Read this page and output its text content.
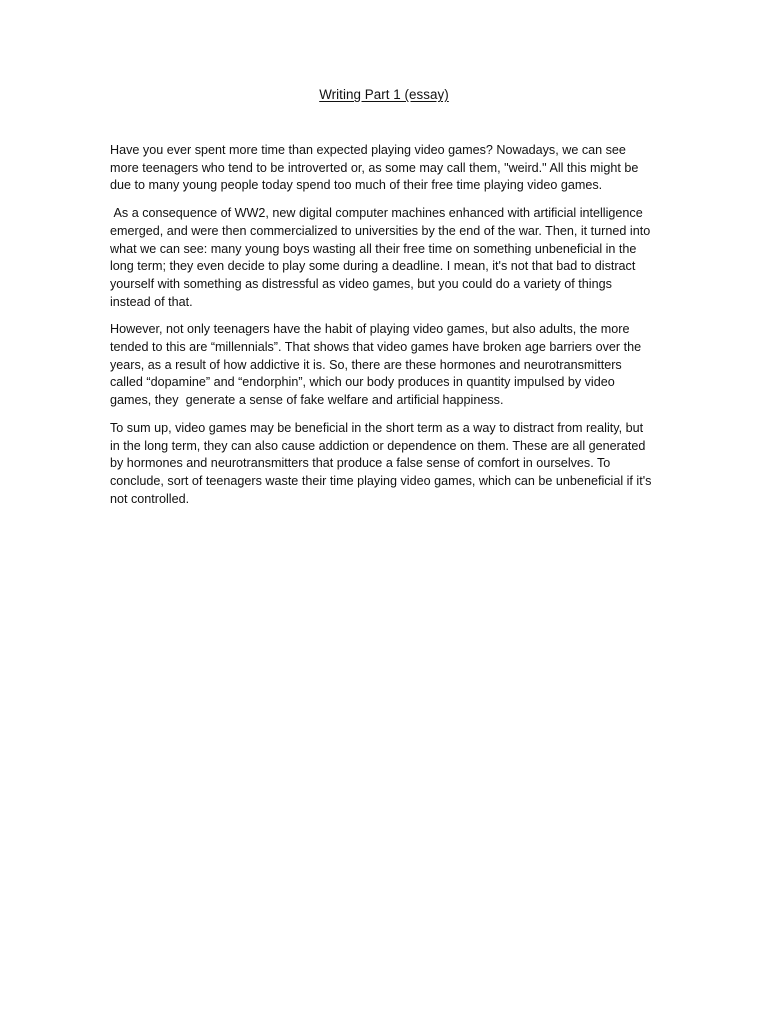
Writing Part 1 (essay)

Have you ever spent more time than expected playing video games? Nowadays, we can see more teenagers who tend to be introverted or, as some may call them, "weird." All this might be due to many young people today spend too much of their free time playing video games.

As a consequence of WW2, new digital computer machines enhanced with artificial intelligence emerged, and were then commercialized to universities by the end of the war. Then, it turned into what we can see: many young boys wasting all their free time on something unbeneficial in the long term; they even decide to play some during a deadline. I mean, it's not that bad to distract yourself with something as distressful as video games, but you could do a variety of things instead of that.

However, not only teenagers have the habit of playing video games, but also adults, the more tended to this are “millennials”. That shows that video games have broken age barriers over the years, as a result of how addictive it is. So, there are these hormones and neurotransmitters called “dopamine” and “endorphin”, which our body produces in quantity impulsed by video games, they  generate a sense of fake welfare and artificial happiness.

To sum up, video games may be beneficial in the short term as a way to distract from reality, but in the long term, they can also cause addiction or dependence on them. These are all generated by hormones and neurotransmitters that produce a false sense of comfort in ourselves. To conclude, sort of teenagers waste their time playing video games, which can be unbeneficial if it's not controlled.
